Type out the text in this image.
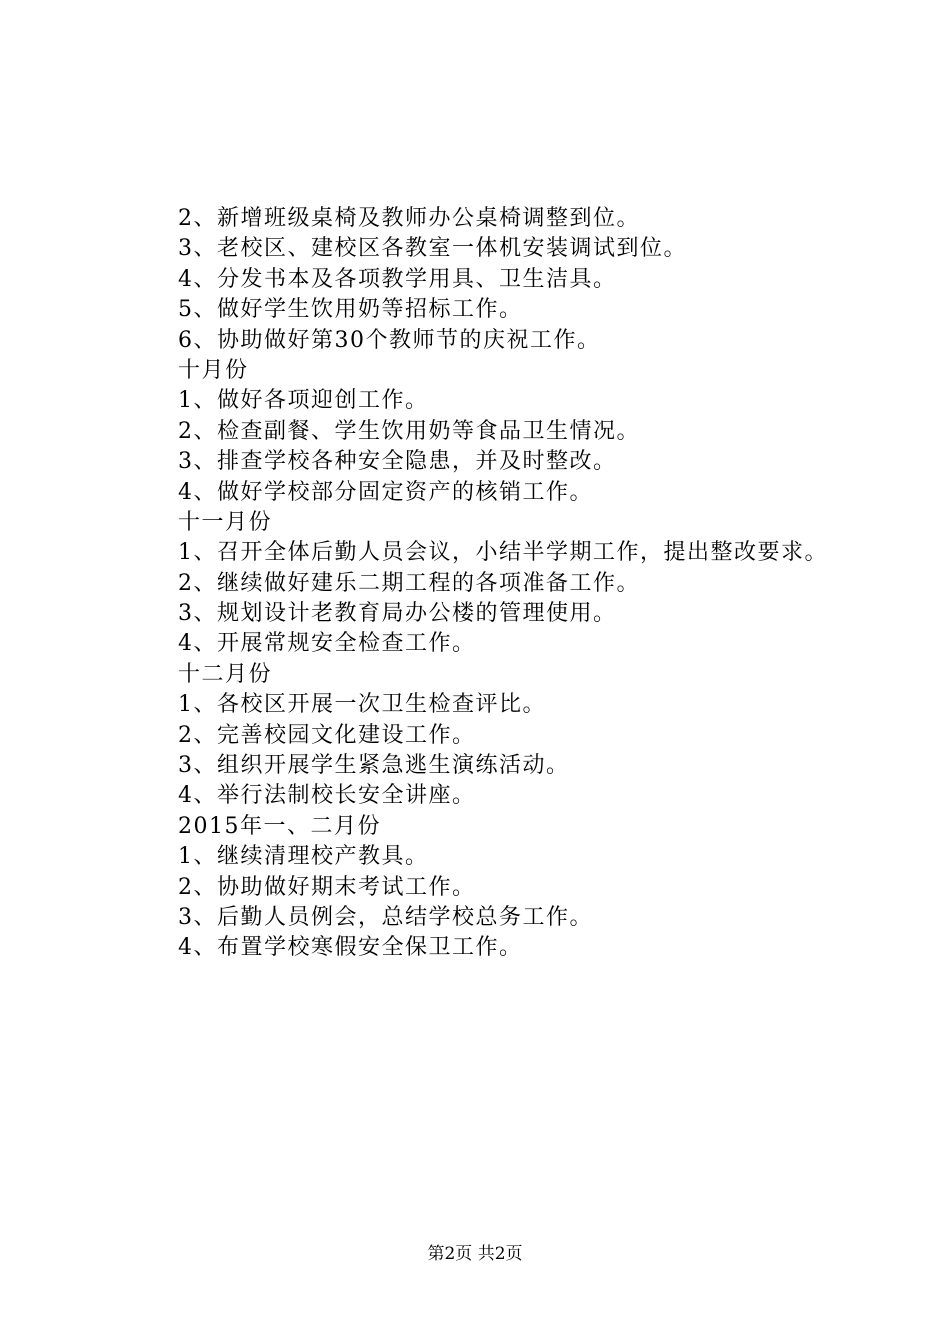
2、新增班级桌椅及教师办公桌椅调整到位。
3、老校区、建校区各教室一体机安装调试到位。
4、分发书本及各项教学用具、卫生洁具。
5、做好学生饮用奶等招标工作。
6、协助做好第30个教师节的庆祝工作。
十月份
1、做好各项迎创工作。
2、检查副餐、学生饮用奶等食品卫生情况。
3、排查学校各种安全隐患，并及时整改。
4、做好学校部分固定资产的核销工作。
十一月份
1、召开全体后勤人员会议，小结半学期工作，提出整改要求。
2、继续做好建乐二期工程的各项准备工作。
3、规划设计老教育局办公楼的管理使用。
4、开展常规安全检查工作。
十二月份
1、各校区开展一次卫生检查评比。
2、完善校园文化建设工作。
3、组织开展学生紧急逃生演练活动。
4、举行法制校长安全讲座。
2015年一、二月份
1、继续清理校产教具。
2、协助做好期末考试工作。
3、后勤人员例会，总结学校总务工作。
4、布置学校寒假安全保卫工作。
第2页 共2页
